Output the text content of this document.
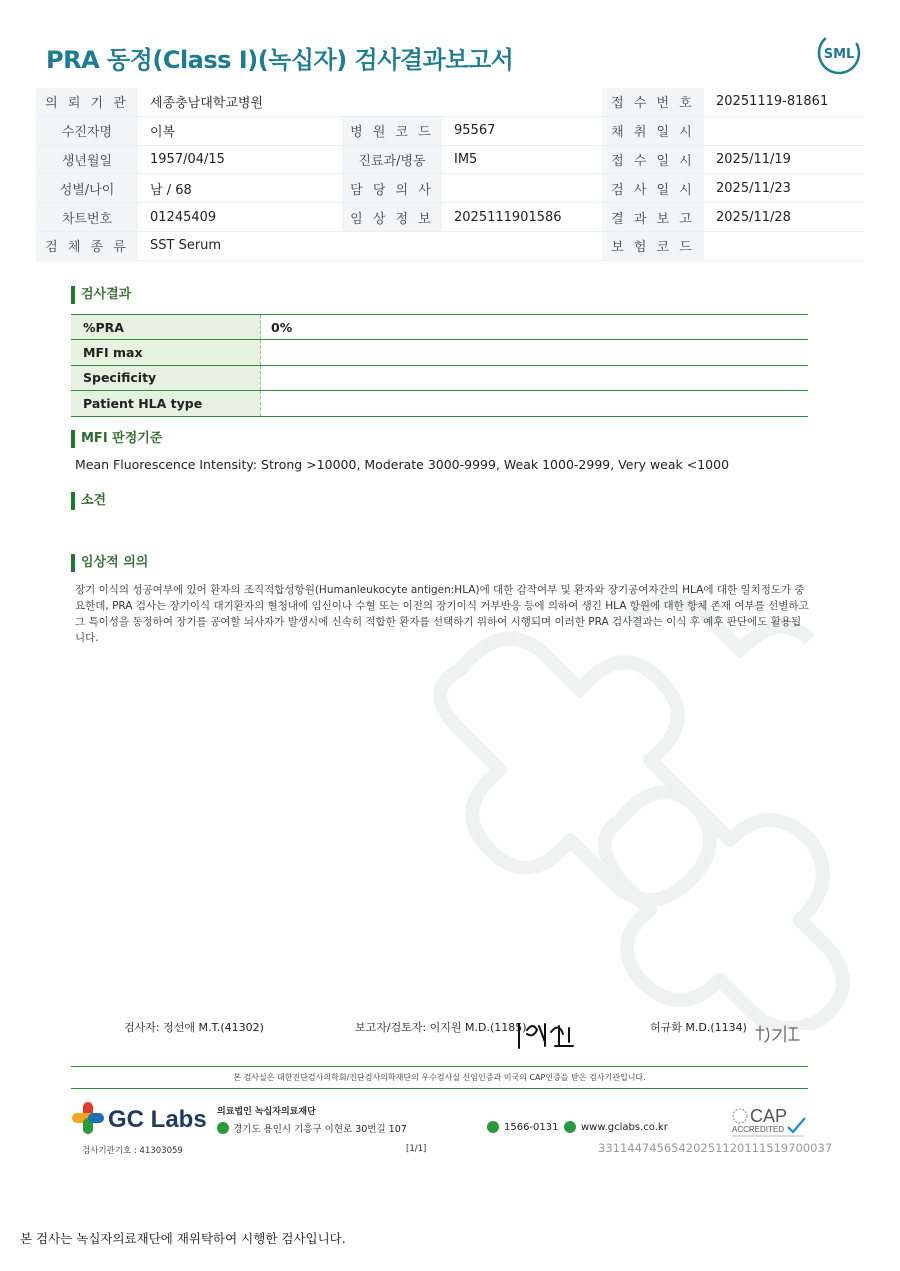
PRA 동정(Class I)(녹십자) 검사결과보고서	SML
의 뢰 기 관	세종충남대학교병원			접 수 번 호	20251119-81861
수진자명	이복	병 원 코 드	95567	채 취 일 시	
생년월일	1957/04/15	진료과/병동	IM5	접 수 일 시	2025/11/19
성별/나이	남 / 68	담 당 의 사		검 사 일 시	2025/11/23
차트번호	01245409	임 상 정 보	2025111901586	결 과 보 고	2025/11/28
검 체 종 류	SST Serum			보 험 코 드	
검사결과
%PRA	0%
MFI max	
Specificity	
Patient HLA type	
MFI 판정기준
Mean Fluorescence Intensity: Strong >10000, Moderate 3000-9999, Weak 1000-2999, Very weak <1000
소견
임상적 의의
장기 이식의 성공여부에 있어 환자의 조직적합성항원(Humanleukocyte antigen:HLA)에 대한 감작여부 및 환자와 장기공여자간의 HLA에 대한 일치정도가 중요한데, PRA 검사는 장기이식 대기환자의 혈청내에 임신이나 수혈 또는 이전의 장기이식 거부반응 등에 의하여 생긴 HLA 항원에 대한 항체 존재 여부를 선별하고 그 특이성을 동정하여 장기를 공여할 뇌사자가 발생시에 신속히 적합한 환자를 선택하기 위하여 시행되며 이러한 PRA 검사결과는 이식 후 예후 판단에도 활용됩니다.
검사자: 정선애 M.T.(41302)	보고자/검토자: 이지원 M.D.(1185)	허규화 M.D.(1134)
본 검사실은 대한진단검사의학회/진단검사의학재단의 우수검사실 신임인증과 미국의 CAP인증을 받은 검사기관입니다.
GC Labs 의료법인 녹십자의료재단
경기도 용인시 기흥구 이현로 30번길 107	1566-0131 www.gclabs.co.kr
CAP
ACCREDITED
검사기관기호 : 41303059	[1/1]	33114474565420251120111519700037
본 검사는 녹십자의료재단에 재위탁하여 시행한 검사입니다.
